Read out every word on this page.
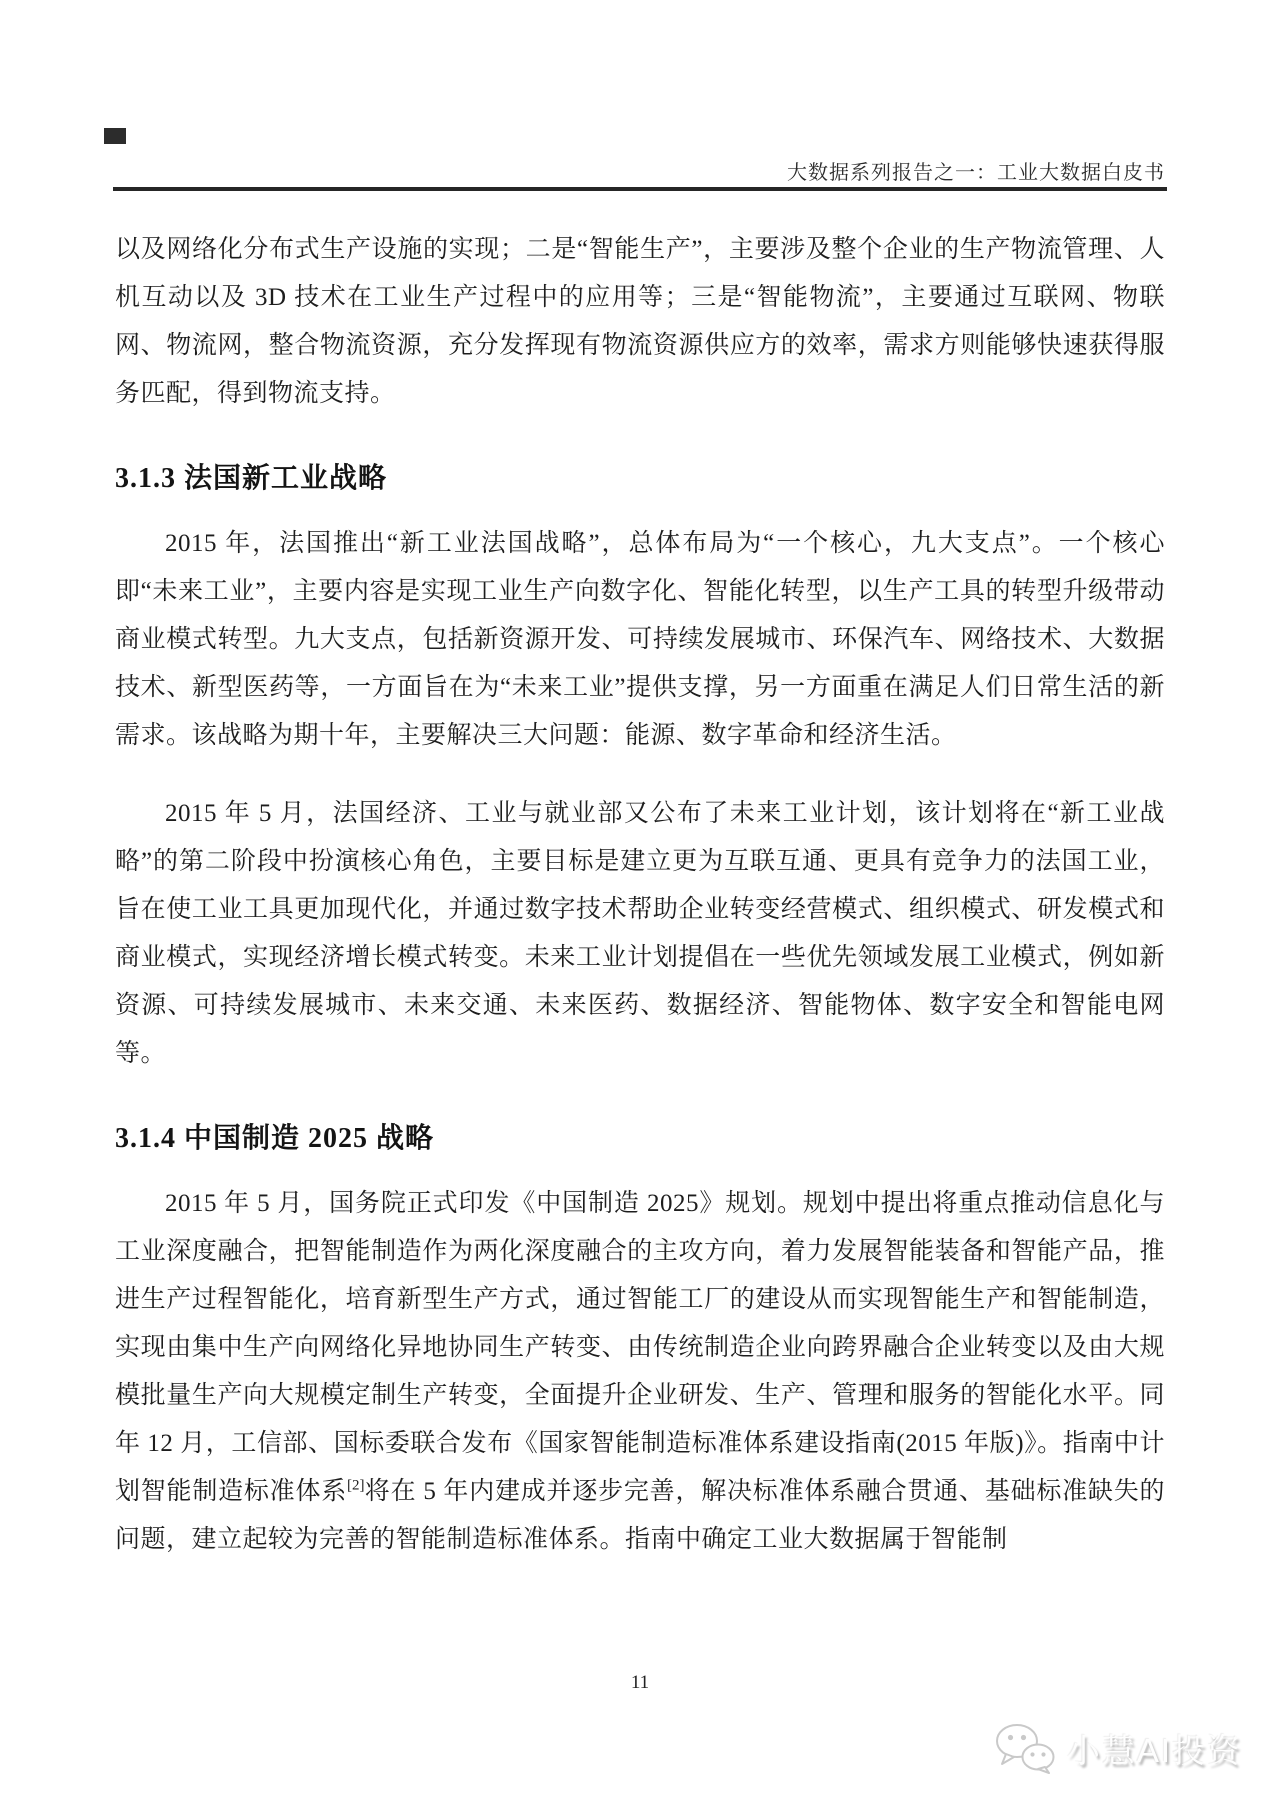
大数据系列报告之一：工业大数据白皮书

以及网络化分布式生产设施的实现；二是“智能生产”，主要涉及整个企业的生产物流管理、人机互动以及 3D 技术在工业生产过程中的应用等；三是“智能物流”，主要通过互联网、物联网、物流网，整合物流资源，充分发挥现有物流资源供应方的效率，需求方则能够快速获得服务匹配，得到物流支持。

3.1.3 法国新工业战略

2015 年，法国推出“新工业法国战略”，总体布局为“一个核心，九大支点”。一个核心即“未来工业”，主要内容是实现工业生产向数字化、智能化转型，以生产工具的转型升级带动商业模式转型。九大支点，包括新资源开发、可持续发展城市、环保汽车、网络技术、大数据技术、新型医药等，一方面旨在为“未来工业”提供支撑，另一方面重在满足人们日常生活的新需求。该战略为期十年，主要解决三大问题：能源、数字革命和经济生活。

2015 年 5 月，法国经济、工业与就业部又公布了未来工业计划，该计划将在“新工业战略”的第二阶段中扮演核心角色，主要目标是建立更为互联互通、更具有竞争力的法国工业，旨在使工业工具更加现代化，并通过数字技术帮助企业转变经营模式、组织模式、研发模式和商业模式，实现经济增长模式转变。未来工业计划提倡在一些优先领域发展工业模式，例如新资源、可持续发展城市、未来交通、未来医药、数据经济、智能物体、数字安全和智能电网等。

3.1.4 中国制造 2025 战略

2015 年 5 月，国务院正式印发《中国制造 2025》规划。规划中提出将重点推动信息化与工业深度融合，把智能制造作为两化深度融合的主攻方向，着力发展智能装备和智能产品，推进生产过程智能化，培育新型生产方式，通过智能工厂的建设从而实现智能生产和智能制造，实现由集中生产向网络化异地协同生产转变、由传统制造企业向跨界融合企业转变以及由大规模批量生产向大规模定制生产转变，全面提升企业研发、生产、管理和服务的智能化水平。同年 12 月，工信部、国标委联合发布《国家智能制造标准体系建设指南(2015 年版)》。指南中计划智能制造标准体系[2]将在 5 年内建成并逐步完善，解决标准体系融合贯通、基础标准缺失的问题，建立起较为完善的智能制造标准体系。指南中确定工业大数据属于智能制

11
小慧AI投资
